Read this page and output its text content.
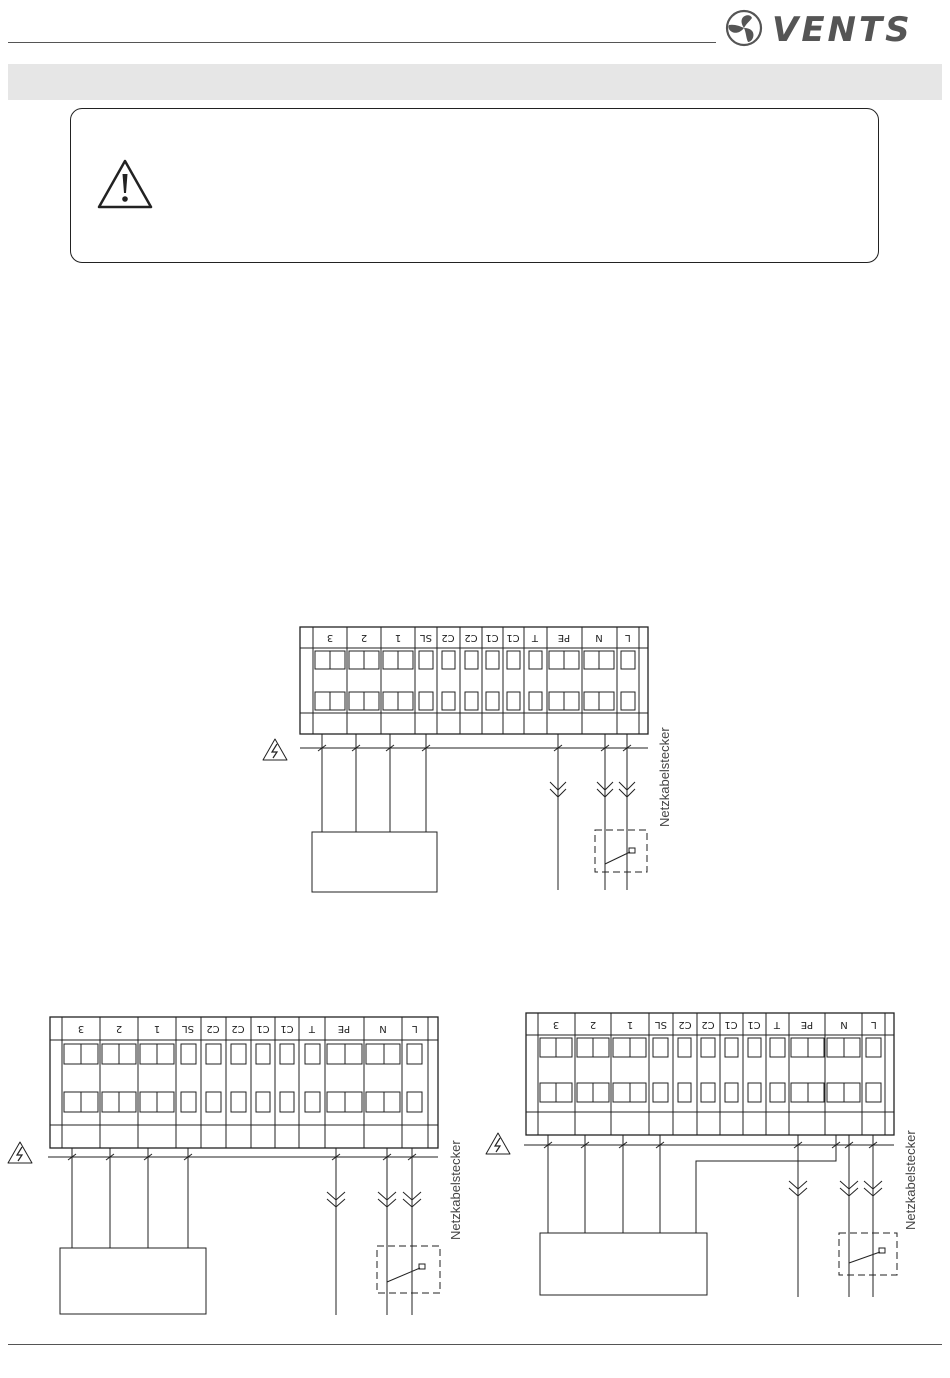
VENTS
3	2	1 SL C2 C2 C1 C1 T PE	N L
Netzkabelstecker
3	2	1 SL C2 C2 C1 C1 T PE	N	L
Netzkabelstecker
3	2	1 SL C2 C2 C1 C1 T PE	N L
Netzkabelstecker
